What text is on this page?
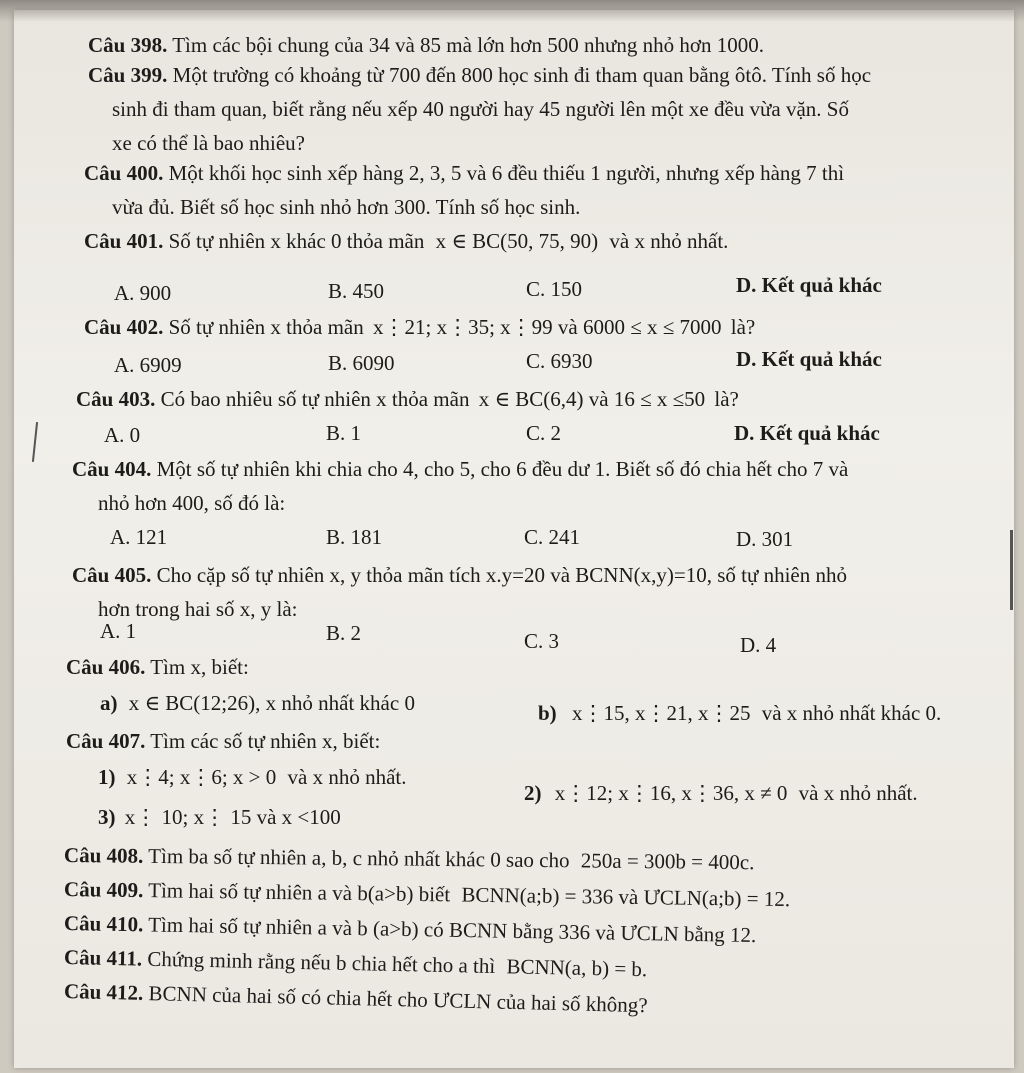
Câu 398. Tìm các bội chung của 34 và 85 mà lớn hơn 500 nhưng nhỏ hơn 1000.
Câu 399. Một trường có khoảng từ 700 đến 800 học sinh đi tham quan bằng ôtô. Tính số học
sinh đi tham quan, biết rằng nếu xếp 40 người hay 45 người lên một xe đều vừa vặn. Số
xe có thể là bao nhiêu?
Câu 400. Một khối học sinh xếp hàng 2, 3, 5 và 6 đều thiếu 1 người, nhưng xếp hàng 7 thì
vừa đủ. Biết số học sinh nhỏ hơn 300. Tính số học sinh.
Câu 401. Số tự nhiên x khác 0 thỏa mãn x ∈ BC(50, 75, 90) và x nhỏ nhất.
A. 900	B. 450	C. 150	D. Kết quả khác
Câu 402. Số tự nhiên x thỏa mãn x⋮21; x⋮35; x⋮99 và 6000 ≤ x ≤ 7000 là?
A. 6909	B. 6090	C. 6930	D. Kết quả khác
Câu 403. Có bao nhiêu số tự nhiên x thỏa mãn x ∈ BC(6,4) và 16 ≤ x ≤50 là?
A. 0	B. 1	C. 2	D. Kết quả khác
Câu 404. Một số tự nhiên khi chia cho 4, cho 5, cho 6 đều dư 1. Biết số đó chia hết cho 7 và
nhỏ hơn 400, số đó là:
A. 121	B. 181	C. 241	D. 301
Câu 405. Cho cặp số tự nhiên x, y thỏa mãn tích x.y=20 và BCNN(x,y)=10, số tự nhiên nhỏ
hơn trong hai số x, y là:
A. 1	B. 2	C. 3	D. 4
Câu 406. Tìm x, biết:
a) x ∈ BC(12;26), x nhỏ nhất khác 0	b) x⋮15, x⋮21, x⋮25 và x nhỏ nhất khác 0.
Câu 407. Tìm các số tự nhiên x, biết:
1) x⋮4; x⋮6; x > 0 và x nhỏ nhất.
2) x⋮12; x⋮16, x⋮36, x ≠ 0 và x nhỏ nhất.
3) x⋮ 10; x⋮ 15 và x <100
Câu 408. Tìm ba số tự nhiên a, b, c nhỏ nhất khác 0 sao cho 250a = 300b = 400c.
Câu 409. Tìm hai số tự nhiên a và b(a>b) biết BCNN(a;b) = 336 và ƯCLN(a;b) = 12.
Câu 410. Tìm hai số tự nhiên a và b (a>b) có BCNN bằng 336 và ƯCLN bằng 12.
Câu 411. Chứng minh rằng nếu b chia hết cho a thì BCNN(a, b) = b.
Câu 412. BCNN của hai số có chia hết cho ƯCLN của hai số không?
